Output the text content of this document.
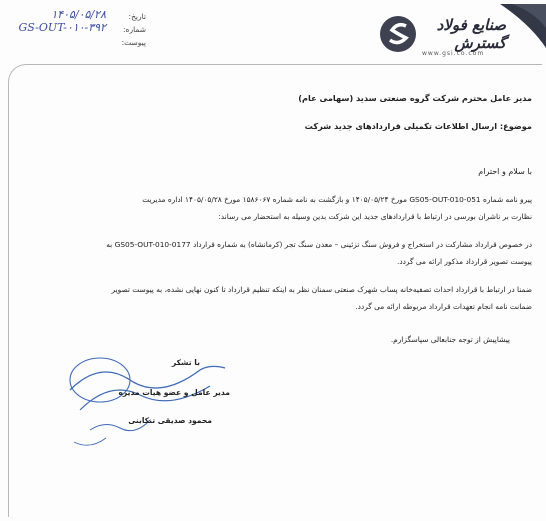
تاریخ:
۱۴۰۵/۰۵/۲۸
شماره:
GS-OUT-۰۱۰-۳۹۲
پیوست:
صنایع فولاد گسترش
www.gsi.co.com
مدیر عامل محترم شرکت گروه صنعتی سدید (سهامی عام)
موضوع: ارسال اطلاعات تکمیلی قراردادهای جدید شرکت
با سلام و احترام
پیرو نامه شماره GS05-OUT-010-051 مورخ ۱۴۰۵/۰۵/۲۴ و بازگشت به نامه شماره ۱۵۸۶۰۶۷ مورخ ۱۴۰۵/۰۵/۲۸ اداره مدیریت
نظارت بر ناشران بورسی در ارتباط با قراردادهای جدید این شرکت بدین وسیله به استحضار می رساند:
در خصوص قرارداد مشارکت در استخراج و فروش سنگ تزئینی – معدن سنگ تجر (کرمانشاه) به شماره قرارداد GS05-OUT-010-0177 به
پیوست تصویر قرارداد مذکور ارائه می گردد.
ضمنا در ارتباط با قرارداد احداث تصفیه‌خانه پساب شهرک صنعتی سمنان نظر به اینکه تنظیم قرارداد تا کنون نهایی نشده، به پیوست تصویر
ضمانت نامه انجام تعهدات قرارداد مربوطه ارائه می گردد.
پیشاپیش از توجه جنابعالی سپاسگزارم.
با تشکر
مدیر عامل و عضو هیات مدیره
محمود صدیقی تنکابنی
